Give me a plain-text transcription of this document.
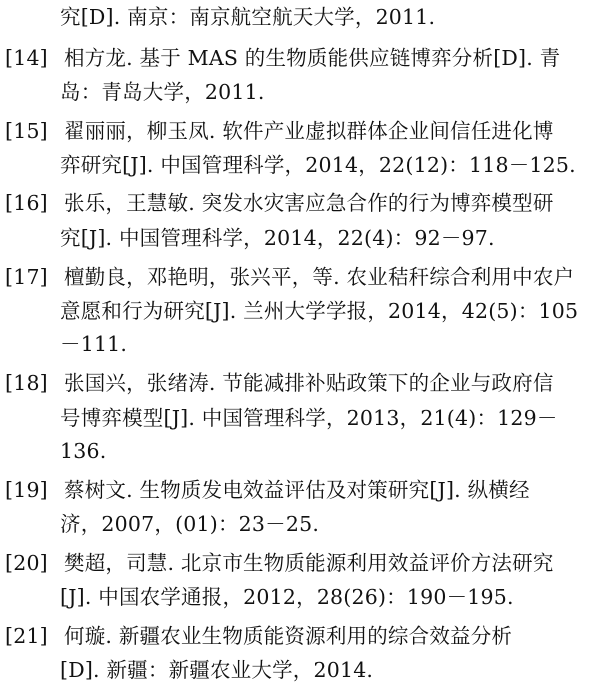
究[D]. 南京：南京航空航天大学，2011.
[14] 相方龙. 基于 MAS 的生物质能供应链博弈分析[D]. 青
岛：青岛大学，2011.
[15] 翟丽丽，柳玉凤. 软件产业虚拟群体企业间信任进化博
弈研究[J]. 中国管理科学，2014，22(12)：118－125.
[16] 张乐，王慧敏. 突发水灾害应急合作的行为博弈模型研
究[J]. 中国管理科学，2014，22(4)：92－97.
[17] 檀勤良，邓艳明，张兴平，等. 农业秸秆综合利用中农户
意愿和行为研究[J]. 兰州大学学报，2014，42(5)：105
－111.
[18] 张国兴，张绪涛. 节能减排补贴政策下的企业与政府信
号博弈模型[J]. 中国管理科学，2013，21(4)：129－
136.
[19] 蔡树文. 生物质发电效益评估及对策研究[J]. 纵横经
济，2007，(01)：23－25.
[20] 樊超，司慧. 北京市生物质能源利用效益评价方法研究
[J]. 中国农学通报，2012，28(26)：190－195.
[21] 何璇. 新疆农业生物质能资源利用的综合效益分析
[D]. 新疆：新疆农业大学，2014.
